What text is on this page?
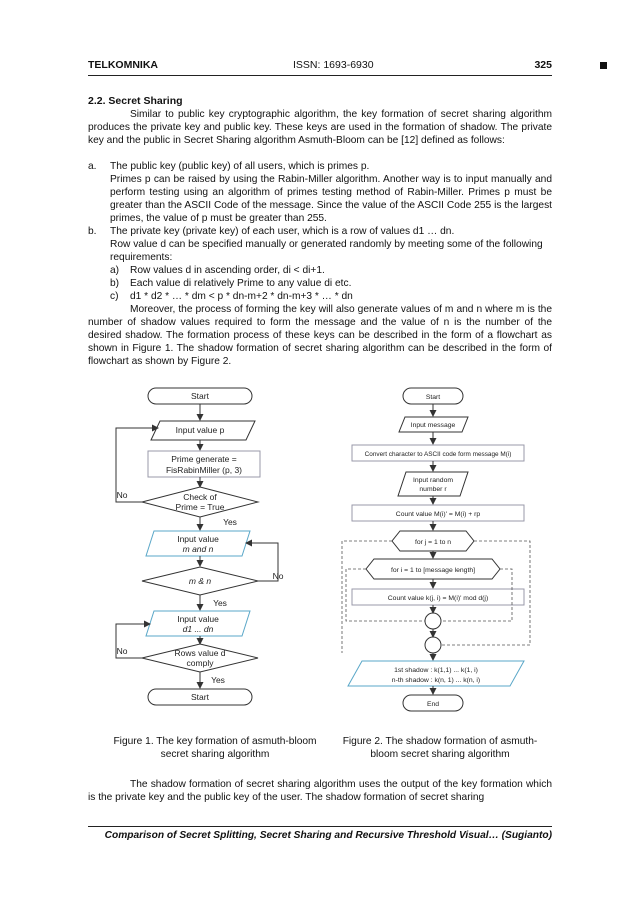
TELKOMNIKA	ISSN: 1693-6930	325
2.2. Secret Sharing
Similar to public key cryptographic algorithm, the key formation of secret sharing algorithm produces the private key and public key. These keys are used in the formation of shadow. The private key and the public in Secret Sharing algorithm Asmuth-Bloom can be [12] defined as follows:
a. The public key (public key) of all users, which is primes p.
Primes p can be raised by using the Rabin-Miller algorithm. Another way is to input manually and perform testing using an algorithm of primes testing method of Rabin-Miller. Primes p must be greater than the ASCII Code of the message. Since the value of the ASCII Code 255 is the largest primes, the value of p must be greater than 255.
b. The private key (private key) of each user, which is a row of values d1 … dn.
Row value d can be specified manually or generated randomly by meeting some of the following requirements:
a) Row values d in ascending order, di < di+1.
b) Each value di relatively Prime to any value di etc.
c) d1 * d2 * … * dm < p * dn-m+2 * dn-m+3 * … * dn
Moreover, the process of forming the key will also generate values of m and n where m is the number of shadow values required to form the message and the value of n is the number of the desired shadow. The formation process of these keys can be described in the form of a flowchart as shown in Figure 1. The shadow formation of secret sharing algorithm can be described in the form of flowchart as shown by Figure 2.
Start
Input value p
Prime generate =
FisRabinMiller (p, 3)
Check of
Prime = True
Yes
No
Input value
m and n
m & n	No
Yes
Input value
d1 ... dn
Rows value d
comply
No
Yes
Start
Start
Input message
Convert character to ASCII code form message M(i)
Input random
number r
Count value M(i)' = M(i) + rp
for j = 1 to n
for i = 1 to [message length]
Count value k(j, i) = M(i)' mod d(j)
1st shadow : k(1,1) ... k(1, i)
n-th shadow : k(n, 1) ... k(n, i)
End
Figure 1. The key formation of asmuth-bloom
secret sharing algorithm
Figure 2. The shadow formation of asmuth-
bloom secret sharing algorithm
The shadow formation of secret sharing algorithm uses the output of the key formation which is the private key and the public key of the user. The shadow formation of secret sharing
Comparison of Secret Splitting, Secret Sharing and Recursive Threshold Visual… (Sugianto)
